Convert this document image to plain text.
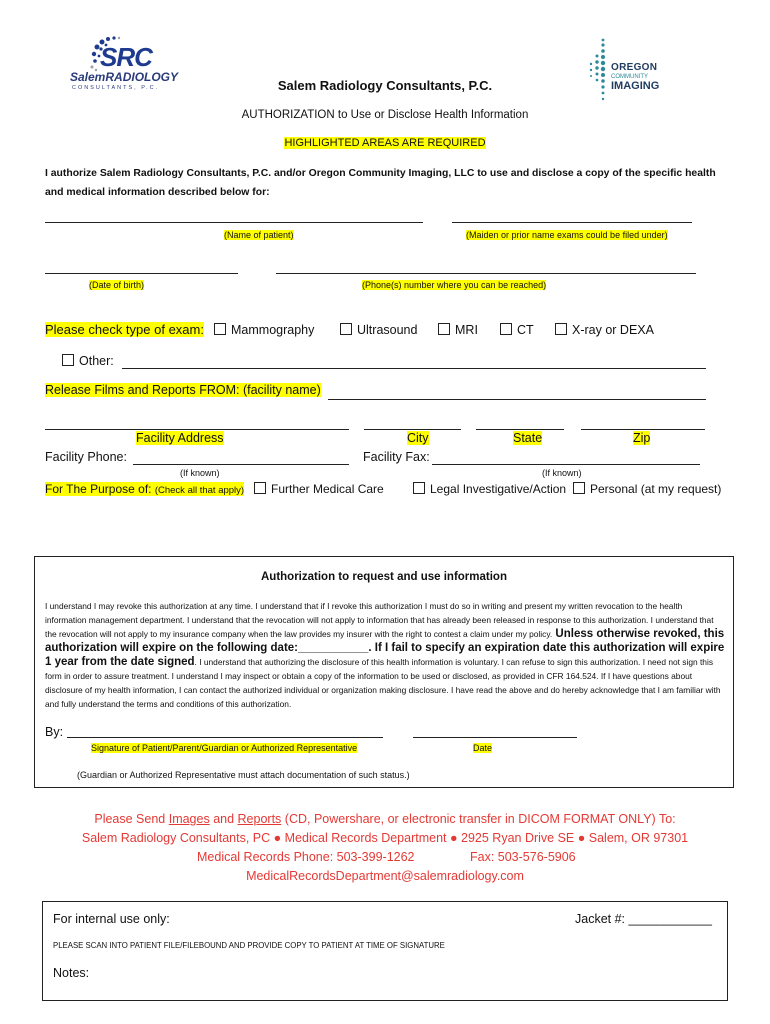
SRC
SalemRADIOLOGY
CONSULTANTS, P.C.
OREGON
COMMUNITY
IMAGING
Salem Radiology Consultants, P.C.
AUTHORIZATION to Use or Disclose Health Information
HIGHLIGHTED AREAS ARE REQUIRED
I authorize Salem Radiology Consultants, P.C. and/or Oregon Community Imaging, LLC to use and disclose a copy of the specific health and medical information described below for:
(Name of patient)	(Maiden or prior name exams could be filed under)
(Date of birth)	(Phone(s) number where you can be reached)
Please check type of exam:	Mammography	Ultrasound	MRI	CT	X-ray or DEXA
Other:
Release Films and Reports FROM: (facility name)
Facility Address	City	State	Zip
Facility Phone:	Facility Fax:
(If known)	(If known)
For The Purpose of: (Check all that apply)	Further Medical Care	Legal Investigative/Action	Personal (at my request)
Authorization to request and use information
I understand I may revoke this authorization at any time. I understand that if I revoke this authorization I must do so in writing and present my written revocation to the health information management department. I understand that the revocation will not apply to information that has already been released in response to this authorization. I understand that the revocation will not apply to my insurance company when the law provides my insurer with the right to contest a claim under my policy. Unless otherwise revoked, this authorization will expire on the following date:___________. If I fail to specify an expiration date this authorization will expire 1 year from the date signed. I understand that authorizing the disclosure of this health information is voluntary. I can refuse to sign this authorization. I need not sign this form in order to assure treatment. I understand I may inspect or obtain a copy of the information to be used or disclosed, as provided in CFR 164.524. If I have questions about disclosure of my health information, I can contact the authorized individual or organization making disclosure. I have read the above and do hereby acknowledge that I am familiar with and fully understand the terms and conditions of this authorization.
By:
Signature of Patient/Parent/Guardian or Authorized Representative	Date
(Guardian or Authorized Representative must attach documentation of such status.)
Please Send Images and Reports (CD, Powershare, or electronic transfer in DICOM FORMAT ONLY) To:
Salem Radiology Consultants, PC ● Medical Records Department ● 2925 Ryan Drive SE ● Salem, OR 97301
Medical Records Phone: 503-399-1262	Fax: 503-576-5906
MedicalRecordsDepartment@salemradiology.com
For internal use only:	Jacket #: ____________
PLEASE SCAN INTO PATIENT FILE/FILEBOUND AND PROVIDE COPY TO PATIENT AT TIME OF SIGNATURE
Notes:
